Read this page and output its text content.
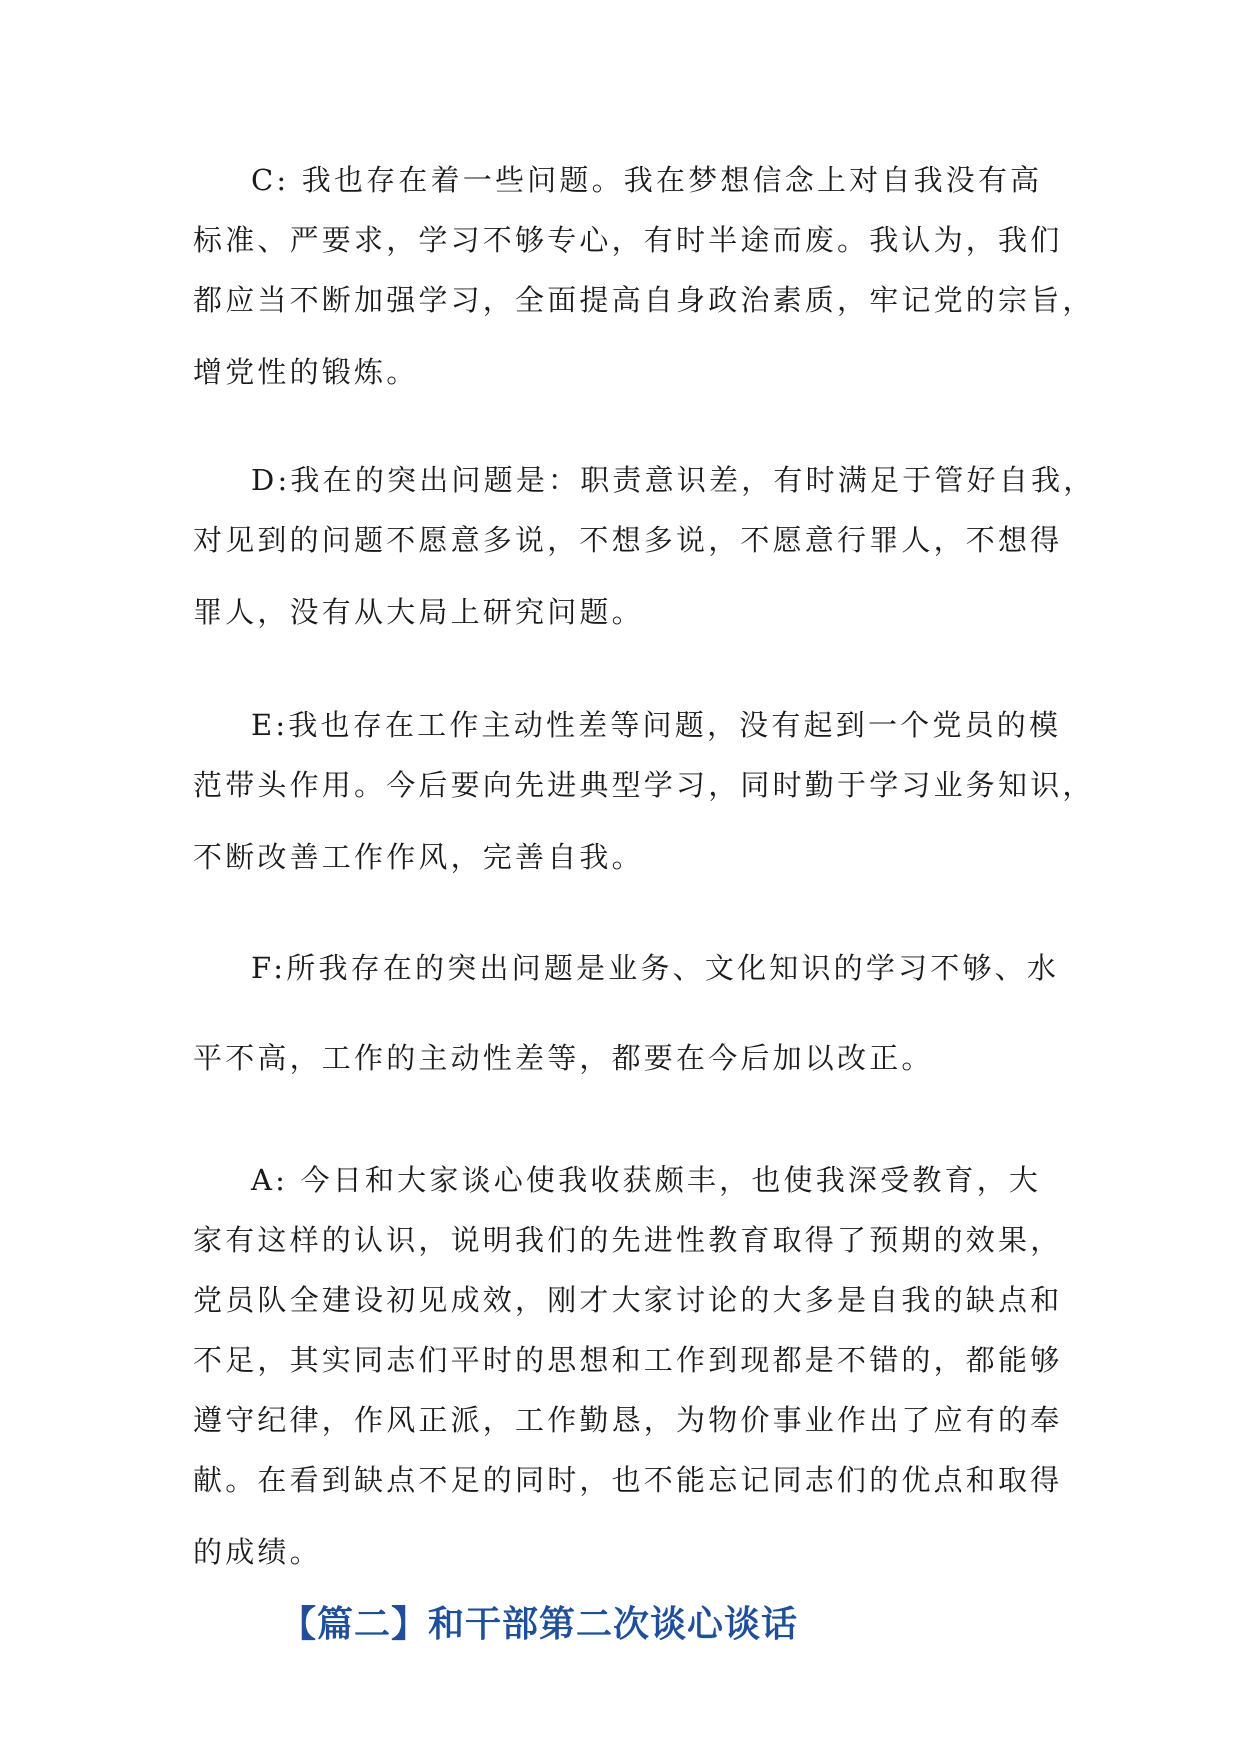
C: 我也存在着一些问题。我在梦想信念上对自我没有高
标准、严要求，学习不够专心，有时半途而废。我认为，我们
都应当不断加强学习，全面提高自身政治素质，牢记党的宗旨，
增党性的锻炼。
D:我在的突出问题是：职责意识差，有时满足于管好自我，
对见到的问题不愿意多说，不想多说，不愿意行罪人，不想得
罪人，没有从大局上研究问题。
E:我也存在工作主动性差等问题，没有起到一个党员的模
范带头作用。今后要向先进典型学习，同时勤于学习业务知识，
不断改善工作作风，完善自我。
F:所我存在的突出问题是业务、文化知识的学习不够、水
平不高，工作的主动性差等，都要在今后加以改正。
A: 今日和大家谈心使我收获颇丰，也使我深受教育，大
家有这样的认识，说明我们的先进性教育取得了预期的效果，
党员队全建设初见成效，刚才大家讨论的大多是自我的缺点和
不足，其实同志们平时的思想和工作到现都是不错的，都能够
遵守纪律，作风正派，工作勤恳，为物价事业作出了应有的奉
献。在看到缺点不足的同时，也不能忘记同志们的优点和取得
的成绩。
【篇二】和干部第二次谈心谈话
